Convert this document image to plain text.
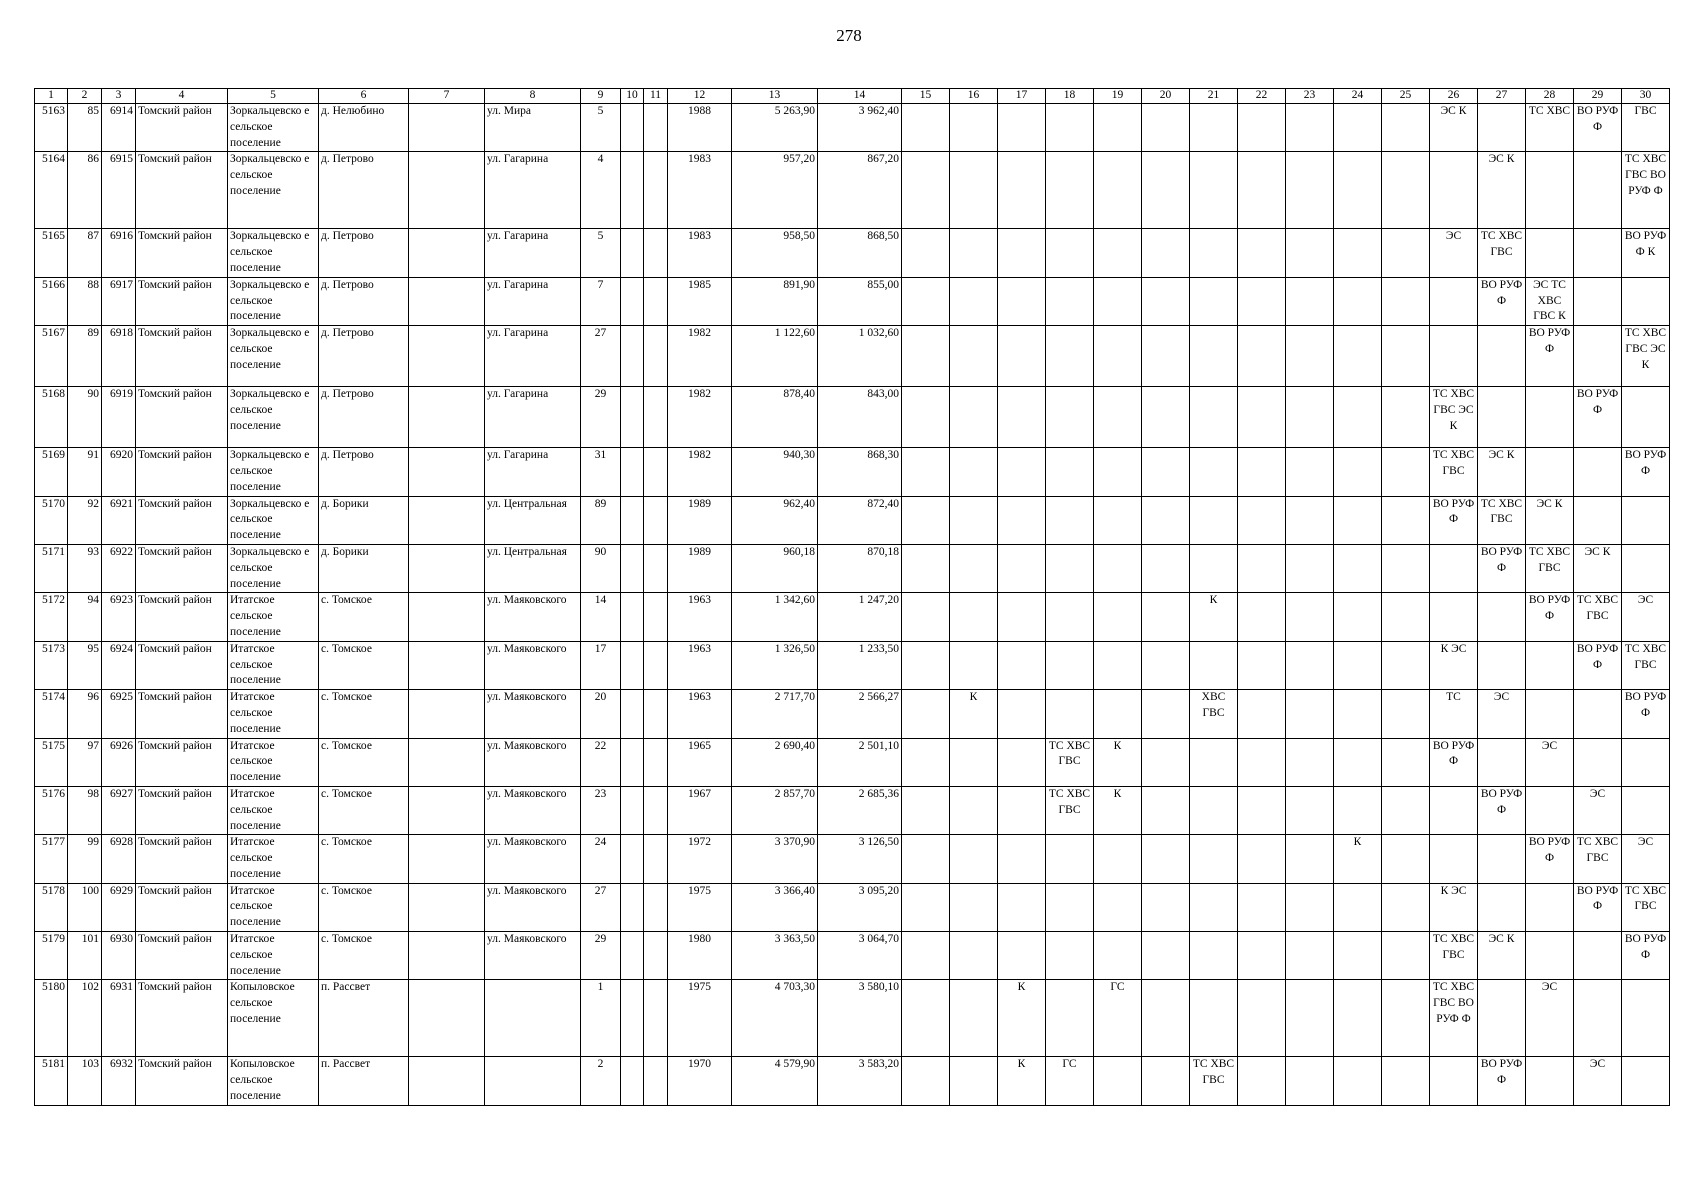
278
1	2	3	4	5	6	7	8	9	10	11	12	13	14	15	16	17	18	19	20	21	22	23	24	25	26	27	28	29	30
5163	85	6914	Томский район	Зоркальцевско е сельское поселение	д. Нелюбино		ул. Мира	5			1988	5 263,90	3 962,40												ЭС К		ТС ХВС	ВО РУФ Ф	ГВС
5164	86	6915	Томский район	Зоркальцевско е сельское поселение	д. Петрово		ул. Гагарина	4			1983	957,20	867,20													ЭС К			ТС ХВС ГВС ВО РУФ Ф
5165	87	6916	Томский район	Зоркальцевско е сельское поселение	д. Петрово		ул. Гагарина	5			1983	958,50	868,50												ЭС	ТС ХВС ГВС			ВО РУФ Ф К
5166	88	6917	Томский район	Зоркальцевско е сельское поселение	д. Петрово		ул. Гагарина	7			1985	891,90	855,00													ВО РУФ Ф	ЭС ТС ХВС ГВС К		
5167	89	6918	Томский район	Зоркальцевско е сельское поселение	д. Петрово		ул. Гагарина	27			1982	1 122,60	1 032,60														ВО РУФ Ф		ТС ХВС ГВС ЭС К
5168	90	6919	Томский район	Зоркальцевско е сельское поселение	д. Петрово		ул. Гагарина	29			1982	878,40	843,00												ТС ХВС ГВС ЭС К			ВО РУФ Ф	
5169	91	6920	Томский район	Зоркальцевско е сельское поселение	д. Петрово		ул. Гагарина	31			1982	940,30	868,30												ТС ХВС ГВС	ЭС К			ВО РУФ Ф
5170	92	6921	Томский район	Зоркальцевско е сельское поселение	д. Борики		ул. Центральная	89			1989	962,40	872,40												ВО РУФ Ф	ТС ХВС ГВС	ЭС К		
5171	93	6922	Томский район	Зоркальцевско е сельское поселение	д. Борики		ул. Центральная	90			1989	960,18	870,18													ВО РУФ Ф	ТС ХВС ГВС	ЭС К	
5172	94	6923	Томский район	Итатское сельское поселение	с. Томское		ул. Маяковского	14			1963	1 342,60	1 247,20							К							ВО РУФ Ф	ТС ХВС ГВС	ЭС
5173	95	6924	Томский район	Итатское сельское поселение	с. Томское		ул. Маяковского	17			1963	1 326,50	1 233,50												К ЭС			ВО РУФ Ф	ТС ХВС ГВС
5174	96	6925	Томский район	Итатское сельское поселение	с. Томское		ул. Маяковского	20			1963	2 717,70	2 566,27		К					ХВС ГВС					ТС	ЭС			ВО РУФ Ф
5175	97	6926	Томский район	Итатское сельское поселение	с. Томское		ул. Маяковского	22			1965	2 690,40	2 501,10				ТС ХВС ГВС	К							ВО РУФ Ф		ЭС		
5176	98	6927	Томский район	Итатское сельское поселение	с. Томское		ул. Маяковского	23			1967	2 857,70	2 685,36				ТС ХВС ГВС	К								ВО РУФ Ф		ЭС	
5177	99	6928	Томский район	Итатское сельское поселение	с. Томское		ул. Маяковского	24			1972	3 370,90	3 126,50										К				ВО РУФ Ф	ТС ХВС ГВС	ЭС
5178	100	6929	Томский район	Итатское сельское поселение	с. Томское		ул. Маяковского	27			1975	3 366,40	3 095,20												К ЭС			ВО РУФ Ф	ТС ХВС ГВС
5179	101	6930	Томский район	Итатское сельское поселение	с. Томское		ул. Маяковского	29			1980	3 363,50	3 064,70												ТС ХВС ГВС	ЭС К			ВО РУФ Ф
5180	102	6931	Томский район	Копыловское сельское поселение	п. Рассвет			1			1975	4 703,30	3 580,10			К		ГС							ТС ХВС ГВС ВО РУФ Ф		ЭС		
5181	103	6932	Томский район	Копыловское сельское поселение	п. Рассвет			2			1970	4 579,90	3 583,20			К	ГС			ТС ХВС ГВС						ВО РУФ Ф		ЭС	
